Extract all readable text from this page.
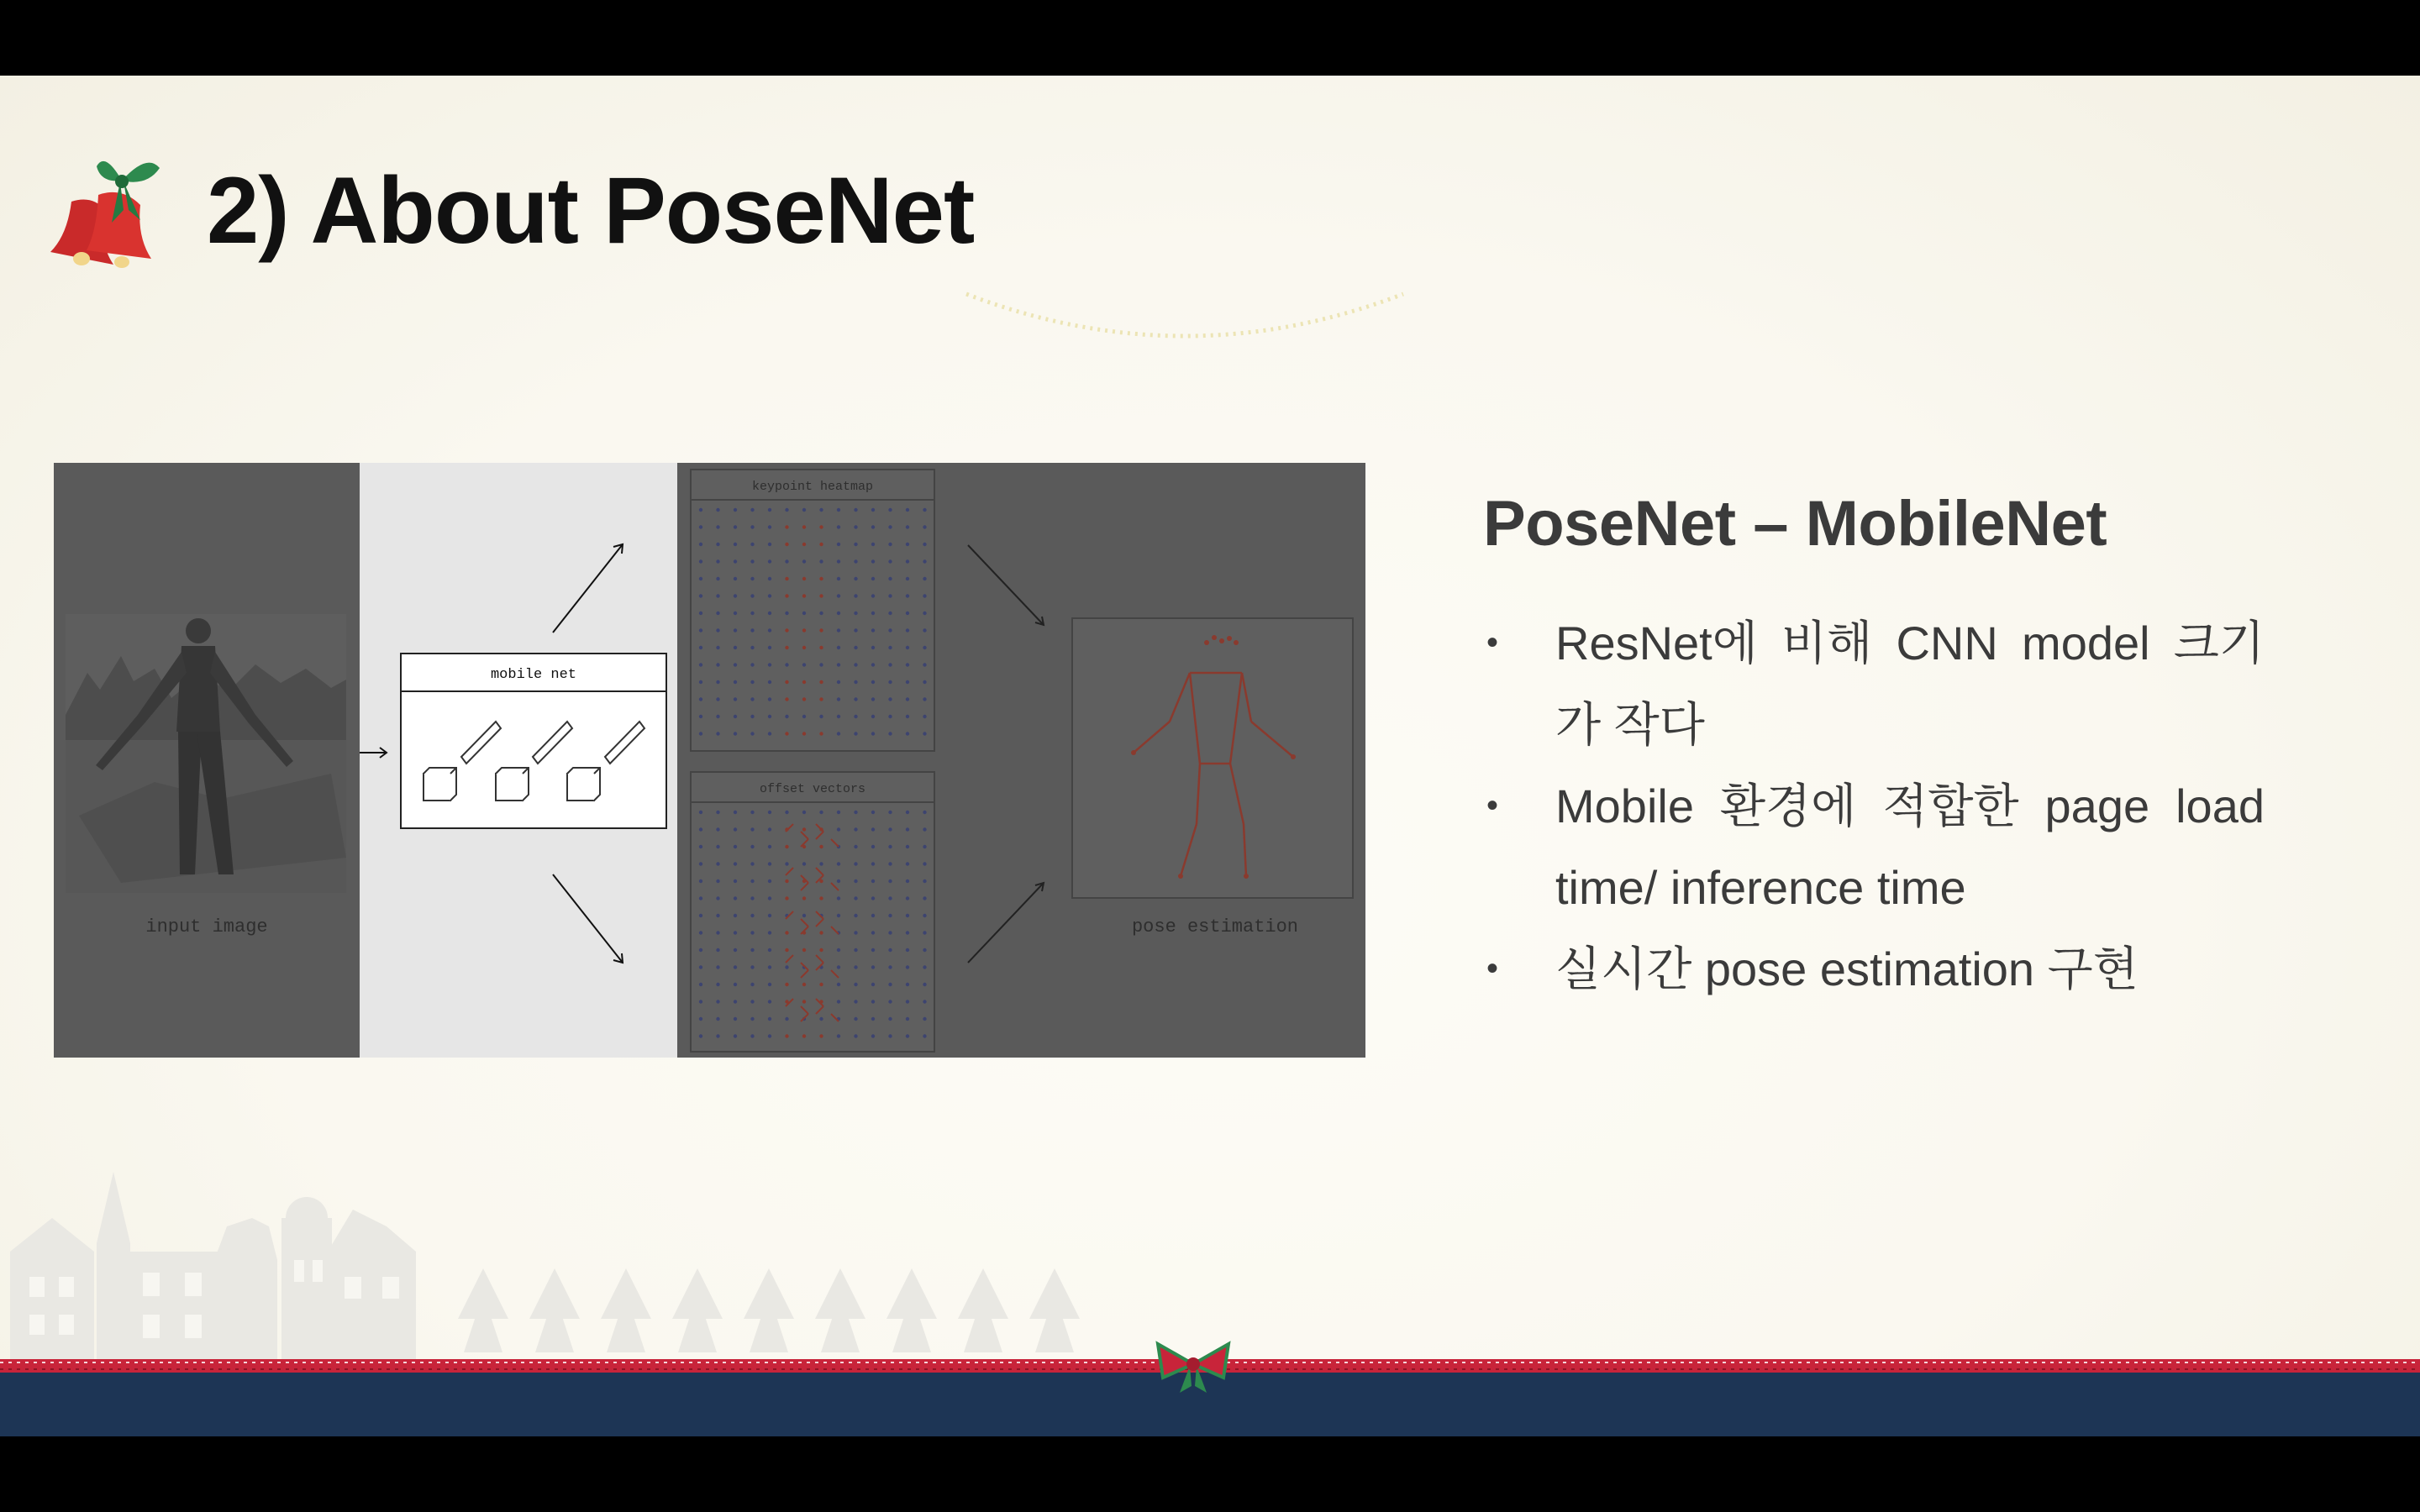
2) About PoseNet
input image
mobile net
keypoint heatmap
offset vectors
pose estimation
PoseNet – MobileNet
•	ResNet에 비해 CNN model 크기가 작다
•	Mobile 환경에 적합한 page load time/ inference time
•	실시간 pose estimation 구현
